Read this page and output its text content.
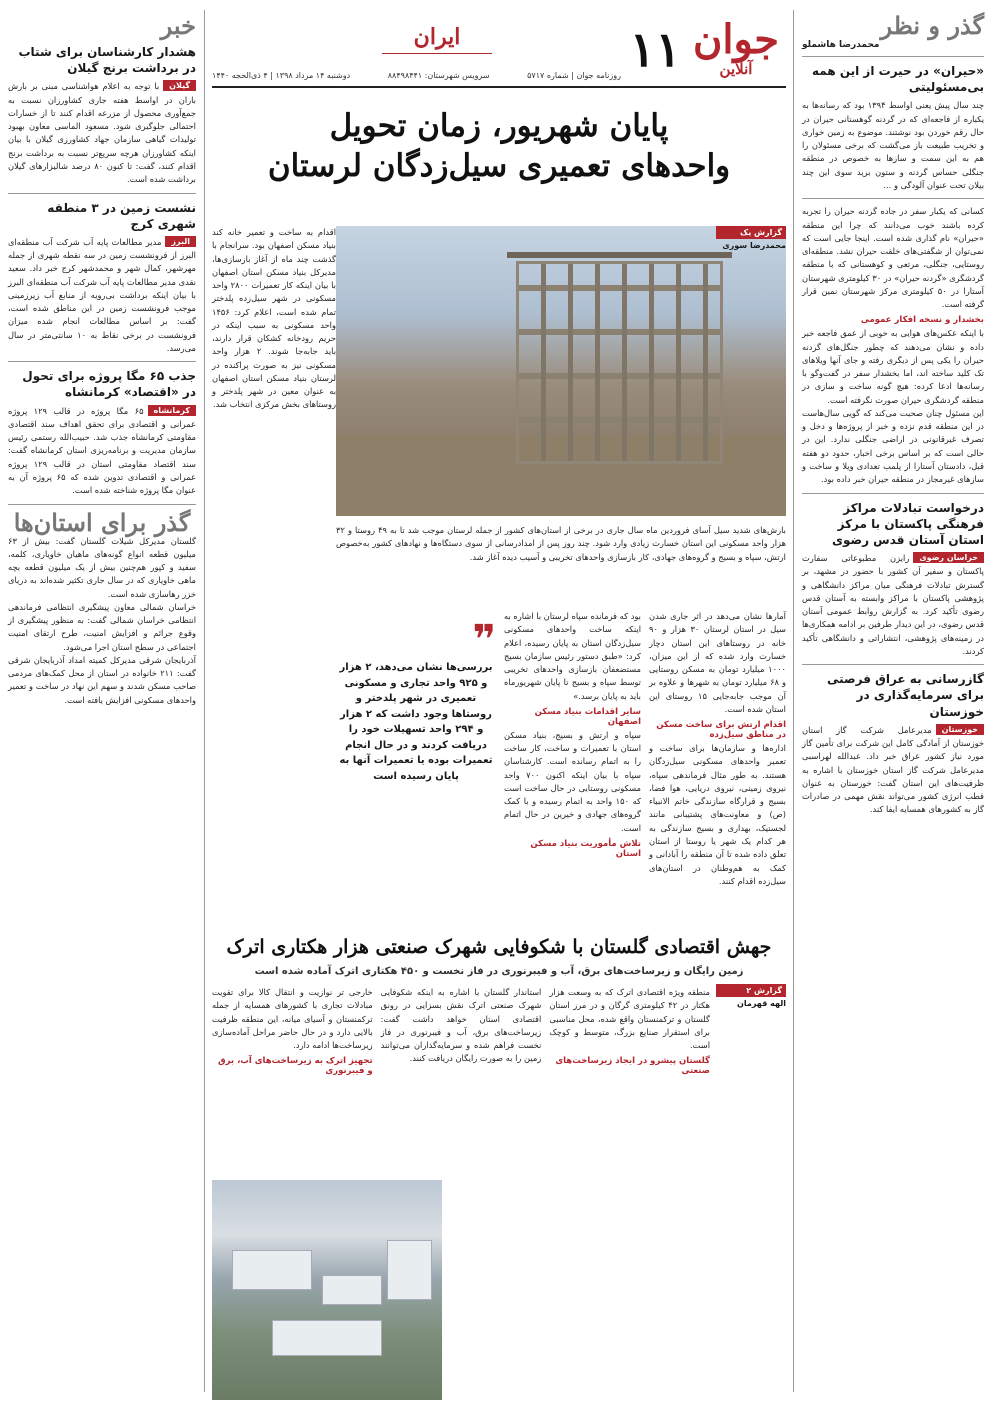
گذر و نظر
محمدرضا هاشملو
«حیران» در حیرت از این همه بی‌مسئولیتی

چند سال پیش یعنی اواسط ۱۳۹۴ بود که رسانه‌ها به یکباره از فاجعه‌ای که در گردنه گوهستانی حیران در حال رقم خوردن بود نوشتند. موضوع به زمین خواری و تخریب طبیعت باز می‌گشت که برخی مسئولان را هم به این سمت و سازها به خصوص در منطقه جنگلی حساس گردنه و ستون برید سوی این چند بیلان تحت عنوان آلودگی و ...

کسانی که یکبار سفر در جاده گردنه حیران را تجربه کرده باشند خوب می‌دانند که چرا این منطقه «حیران» نام گذاری شده است. اینجا جایی است که نمی‌توان از شگفتی‌های خلقت حیران نشد. منطقه‌ای روستایی، جنگلی، مرتعی و کوهستانی که با منطقه گردشگری «گردنه حیران» در ۳۰ کیلومتری شهرستان آستارا در ۵۰ کیلومتری مرکز شهرستان نمین قرار گرفته است.

بخشدار و نسخه افکار عمومی

با اینکه عکس‌های هوایی به خوبی از عمق فاجعه خبر داده و نشان می‌دهند که چطور جنگل‌های گردنه حیران را یکی پس از دیگری رفته و جای آنها ویلاهای تک کلید ساخته اند، اما بخشدار سفر در گفت‌وگو با رسانه‌ها ادعا کرده: هیچ گونه ساخت و سازی در منطقه گردشگری حیران صورت نگرفته است.

این مسئول چنان صحبت می‌کند که گویی سال‌هاست در این منطقه قدم نزده و خبر از پروژه‌ها و دخل و تصرف غیرقانونی در اراضی جنگلی ندارد. این در حالی است که بر اساس برخی اخبار، حدود دو هفته قبل، دادستان آستارا از پلمب تعدادی ویلا و ساخت و سازهای غیرمجاز در منطقه حیران خبر داده بود.

درخواست تبادلات مراکز فرهنگی پاکستان با مرکز استان آستان قدس رضوی
خراسان رضوی

رایزن مطبوعاتی سفارت پاکستان و سفیر آن کشور با حضور در مشهد، بر گسترش تبادلات فرهنگی میان مراکز دانشگاهی و پژوهشی پاکستان با مراکز وابسته به آستان قدس رضوی تأکید کرد. به گزارش روابط عمومی آستان قدس رضوی، در این دیدار طرفین بر ادامه همکاری‌ها در زمینه‌های پژوهشی، انتشاراتی و دانشگاهی تأکید کردند.

گازرسانی به عراق فرصتی برای سرمایه‌گذاری در خوزستان
خوزستان

مدیرعامل شرکت گاز استان خوزستان از آمادگی کامل این شرکت برای تأمین گاز مورد نیاز کشور عراق خبر داد. عبدالله لهراسبی مدیرعامل شرکت گاز استان خوزستان با اشاره به ظرفیت‌های این استان گفت: خوزستان به عنوان قطب انرژی کشور می‌تواند نقش مهمی در صادرات گاز به کشورهای همسایه ایفا کند.

خبر
هشدار کارشناسان برای شتاب در برداشت برنج گیلان
گیلان

با توجه به اعلام هواشناسی مبنی بر بارش باران در اواسط هفته جاری کشاورزان نسبت به جمع‌آوری محصول از مزرعه اقدام کنند تا از خسارات احتمالی جلوگیری شود. مسعود الماسی معاون بهبود تولیدات گیاهی سازمان جهاد کشاورزی گیلان با بیان اینکه کشاورزان هرچه سریع‌تر نسبت به برداشت برنج اقدام کنند، گفت: تا کنون ۸۰ درصد شالیزارهای گیلان برداشت شده است.

نشست زمین در ۳ منطقه شهری کرج
البرز

مدیر مطالعات پایه آب شرکت آب منطقه‌ای البرز از فرونشست زمین در سه نقطه شهری از جمله مهرشهر، کمال شهر و محمدشهر کرج خبر داد. سعید نقدی مدیر مطالعات پایه آب شرکت آب منطقه‌ای البرز با بیان اینکه برداشت بی‌رویه از منابع آب زیرزمینی موجب فرونشست زمین در این مناطق شده است، گفت: بر اساس مطالعات انجام شده میزان فرونشست در برخی نقاط به ۱۰ سانتی‌متر در سال می‌رسد.

جذب ۶۵ مگا پروژه برای تحول در «اقتصاد» کرمانشاه
کرمانشاه

۶۵ مگا پروژه در قالب ۱۲۹ پروژه عمرانی و اقتصادی برای تحقق اهداف سند اقتصادی مقاومتی کرمانشاه جذب شد. حبیب‌الله رستمی رئیس سازمان مدیریت و برنامه‌ریزی استان کرمانشاه گفت: سند اقتصاد مقاومتی استان در قالب ۱۲۹ پروژه عمرانی و اقتصادی تدوین شده که ۶۵ پروژه آن به عنوان مگا پروژه شناخته شده است.

گذر برای استان‌ها

گلستان مدیرکل شیلات گلستان گفت: بیش از ۶۳ میلیون قطعه انواع گونه‌های ماهیان خاویاری، کلمه، سفید و کپور هم‌چنین بیش از یک میلیون قطعه بچه ماهی خاویاری که در سال جاری تکثیر شده‌اند به دریای خزر رهاسازی شده است.

خراسان شمالی معاون پیشگیری انتظامی فرماندهی انتظامی خراسان شمالی گفت: به منظور پیشگیری از وقوع جرائم و افزایش امنیت، طرح ارتقای امنیت اجتماعی در سطح استان اجرا می‌شود.

آذربایجان شرقی مدیرکل کمیته امداد آذربایجان شرقی گفت: ۲۱۱ خانواده در استان از محل کمک‌های مردمی صاحب مسکن شدند و سهم این نهاد در ساخت و تعمیر واحدهای مسکونی افزایش یافته است.

جوان
آنلاین
۱۱
ایران
روزنامه جوان | شماره ۵۷۱۷
سرویس شهرستان: ۸۸۴۹۸۴۴۱
دوشنبه ۱۴ مرداد ۱۳۹۸ | ۴ ذی‌الحجه ۱۴۴۰
پایان شهریور، زمان تحویل
واحدهای تعمیری سیل‌زدگان لرستان
گزارش یک
محمدرضا سوری

اقدام به ساخت و تعمیر خانه کند بنیاد مسکن اصفهان بود. سرانجام با گذشت چند ماه از آغاز بازسازی‌ها، مدیرکل بنیاد مسکن استان اصفهان با بیان اینکه کار تعمیرات ۲۸۰۰ واحد مسکونی در شهر سیل‌زده پلدختر تمام شده است، اعلام کرد: ۱۴۵۶ واحد مسکونی به سبب اینکه در حریم رودخانه کشکان قرار دارند، باید جابه‌جا شوند. ۲ هزار واحد مسکونی نیز به صورت پراکنده در لرستان بنیاد مسکن استان اصفهان به عنوان معین در شهر پلدختر و روستاهای بخش مرکزی انتخاب شد.

بارش‌های شدید سیل آسای فروردین ماه سال جاری در برخی از استان‌های کشور از جمله لرستان موجب شد تا به ۴۹ روستا و ۳۲ هزار واحد مسکونی این استان خسارت زیادی وارد شود. چند روز پس از امدادرسانی از سوی دستگاه‌ها و نهادهای کشور به‌خصوص ارتش، سپاه و بسیج و گروه‌های جهادی، کار بازسازی واحدهای تخریبی و آسیب دیده آغاز شد.

آمارها نشان می‌دهد در اثر جاری شدن سیل در استان لرستان ۳۰ هزار و ۹۰ خانه در روستاهای این استان دچار خسارت وارد شده که از این میزان، ۱۰۰۰ میلیارد تومان به مسکن روستایی و ۶۸ میلیارد تومان به شهرها و علاوه بر آن موجب جابه‌جایی ۱۵ روستای این استان شده است.

اقدام ارتش برای ساخت مسکن در مناطق سیل‌زده

اداره‌ها و سازمان‌ها برای ساخت و تعمیر واحدهای مسکونی سیل‌زدگان هستند. به طور مثال فرماندهی سپاه، نیروی زمینی، نیروی دریایی، هوا فضا، بسیج و قرارگاه سازندگی خاتم الانبیاء (ص) و معاونت‌های پشتیبانی مانند لجستیک، بهداری و بسیج سازندگی به هر کدام یک شهر یا روستا از استان تعلق داده شده تا آن منطقه را آبادانی و کمک به هم‌وطنان در استان‌های سیل‌زده اقدام کنند.

بود که فرمانده سپاه لرستان با اشاره به اینکه ساخت واحدهای مسکونی سیل‌زدگان استان به پایان رسیده، اعلام کرد: «طبق دستور رئیس سازمان بسیج مستضعفان بازسازی واحدهای تخریبی توسط سپاه و بسیج تا پایان شهریورماه باید به پایان برسد.»

سایر اقدامات بنیاد مسکن اصفهان

سپاه و ارتش و بسیج، بنیاد مسکن استان با تعمیرات و ساخت، کار ساخت را به اتمام رسانده است. کارشناسان سپاه با بیان اینکه اکنون ۷۰۰ واحد مسکونی روستایی در حال ساخت است که ۱۵۰ واحد به اتمام رسیده و با کمک گروه‌های جهادی و خیرین در حال اتمام است.

تلاش مأموریت بنیاد مسکن استان
❞

بررسی‌ها نشان می‌دهد، ۲ هزار و ۹۲۵ واحد تجاری و مسکونی تعمیری در شهر پلدختر و روستاها وجود داشت که ۲ هزار و ۲۹۴ واحد تسهیلات خود را دریافت کردند و در حال انجام تعمیرات بوده یا تعمیرات آنها به پایان رسیده است

جهش اقتصادی گلستان با شکوفایی شهرک صنعتی هزار هکتاری اترک
زمین رایگان و زیرساخت‌های برق، آب و فیبرنوری در فاز نخست و ۴۵۰ هکتاری اترک آماده شده است
گزارش ۲
الهه قهرمان

منطقه ویژه اقتصادی اترک که به وسعت هزار هکتار در ۴۲ کیلومتری گرگان و در مرز استان گلستان و ترکمنستان واقع شده، محل مناسبی برای استقرار صنایع بزرگ، متوسط و کوچک است.

گلستان پیشرو در ایجاد زیرساخت‌های صنعتی

استاندار گلستان با اشاره به اینکه شکوفایی شهرک صنعتی اترک نقش بسزایی در رونق اقتصادی استان خواهد داشت گفت: زیرساخت‌های برق، آب و فیبرنوری در فاز نخست فراهم شده و سرمایه‌گذاران می‌توانند زمین را به صورت رایگان دریافت کنند.

خارجی تر نوازیت و انتقال کالا برای تقویت مبادلات تجاری با کشورهای همسایه از جمله ترکمنستان و آسیای میانه، این منطقه ظرفیت بالایی دارد و در حال حاضر مراحل آماده‌سازی زیرساخت‌ها ادامه دارد.

تجهیز اترک به زیرساخت‌های آب، برق و فیبرنوری
